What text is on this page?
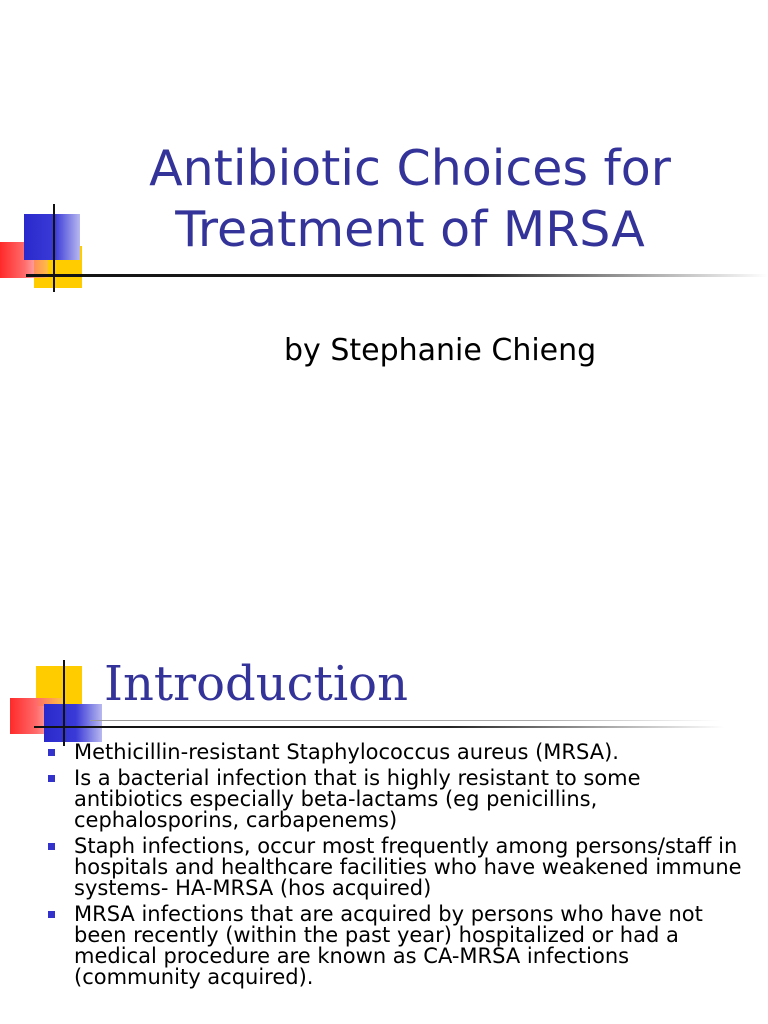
Antibiotic Choices for
Treatment of MRSA
by Stephanie Chieng
Introduction
Methicillin-resistant Staphylococcus aureus (MRSA).
Is a bacterial infection that is highly resistant to some antibiotics especially beta-lactams (eg penicillins, cephalosporins, carbapenems)
Staph infections, occur most frequently among persons/staff in hospitals and healthcare facilities who have weakened immune systems- HA-MRSA (hos acquired)
MRSA infections that are acquired by persons who have not been recently (within the past year) hospitalized or had a medical procedure are known as CA-MRSA infections (community acquired).
